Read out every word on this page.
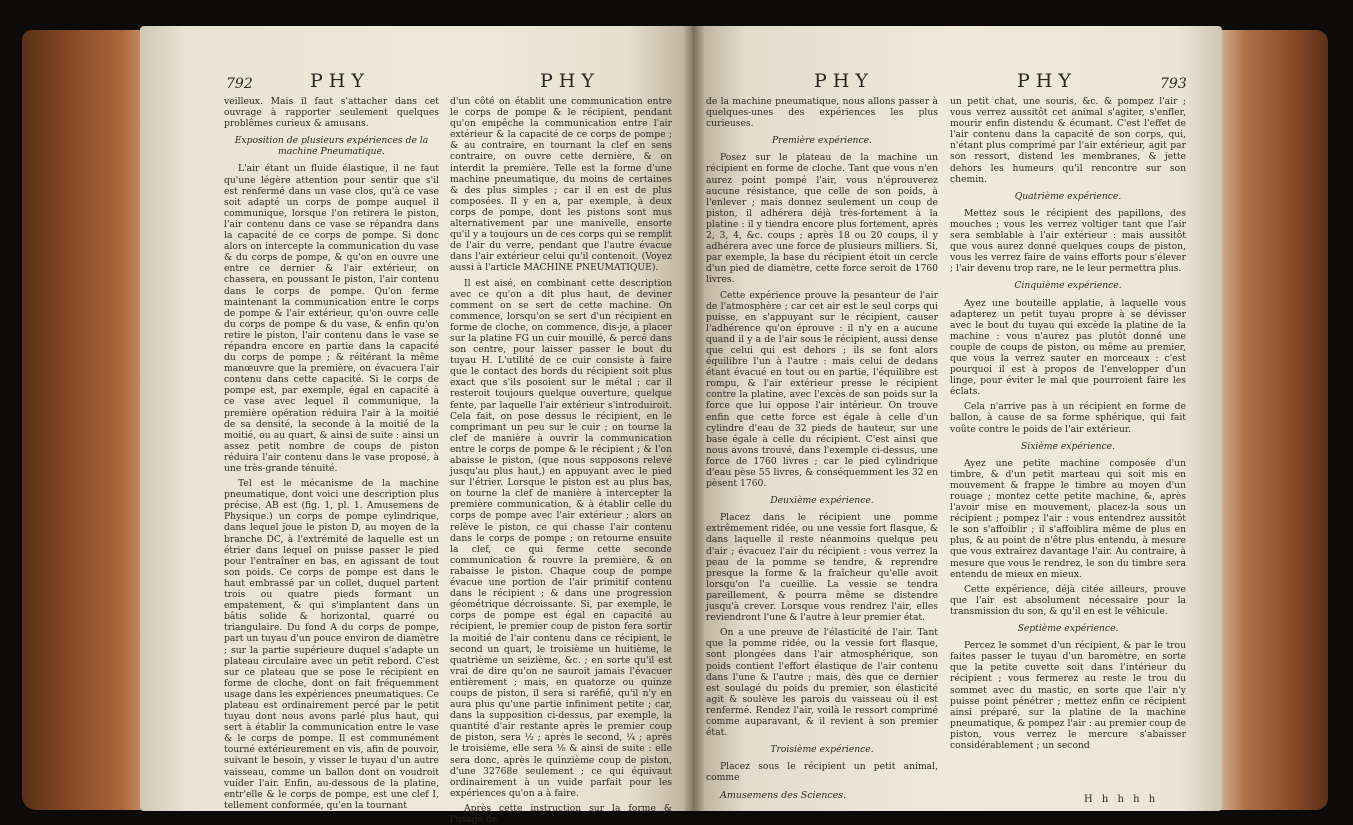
792	PHY	PHY

veilleux. Mais il faut s'attacher dans cet ouvrage à rapporter seulement quelques problêmes curieux & amusans.

Exposition de plusieurs expériences de la machine Pneumatique.

L'air étant un fluide élastique, il ne faut qu'une légère attention pour sentir que s'il est renfermé dans un vase clos, qu'à ce vase soit adapté un corps de pompe auquel il communique, lorsque l'on retirera le piston, l'air contenu dans ce vase se répandra dans la capacité de ce corps de pompe. Si donc alors on intercepte la communication du vase & du corps de pompe, & qu'on en ouvre une entre ce dernier & l'air extérieur, on chassera, en poussant le piston, l'air contenu dans le corps de pompe. Qu'on ferme maintenant la communication entre le corps de pompe & l'air extérieur, qu'on ouvre celle du corps de pompe & du vase, & enfin qu'on retire le piston, l'air contenu dans le vase se répandra encore en partie dans la capacité du corps de pompe ; & réitérant la même manœuvre que la première, on évacuera l'air contenu dans cette capacité. Si le corps de pompe est, par exemple, égal en capacité à ce vase avec lequel il communique, la première opération réduira l'air à la moitié de sa densité, la seconde à la moitié de la moitié, ou au quart, & ainsi de suite : ainsi un assez petit nombre de coups de piston réduira l'air contenu dans le vase proposé, à une très-grande ténuité.

Tel est le mécanisme de la machine pneumatique, dont voici une description plus précise. AB est (fig. 1, pl. 1. Amusemens de Physique.) un corps de pompe cylindrique, dans lequel joue le piston D, au moyen de la branche DC, à l'extrémité de laquelle est un étrier dans lequel on puisse passer le pied pour l'entraîner en bas, en agissant de tout son poids. Ce corps de pompe est dans le haut embrassé par un collet, duquel partent trois ou quatre pieds formant un empatement, & qui s'implantent dans un bâtis solide & horizontal, quarré ou triangulaire. Du fond A du corps de pompe, part un tuyau d'un pouce environ de diamètre ; sur la partie supérieure duquel s'adapte un plateau circulaire avec un petit rebord. C'est sur ce plateau que se pose le récipient en forme de cloche, dont on fait fréquemment usage dans les expériences pneumatiques. Ce plateau est ordinairement percé par le petit tuyau dont nous avons parlé plus haut, qui sert à établir la communication entre le vase & le corps de pompe. Il est communément tourné extérieurement en vis, afin de pouvoir, suivant le besoin, y visser le tuyau d'un autre vaisseau, comme un ballon dont on voudroit vuider l'air. Enfin, au-dessous de la platine, entr'elle & le corps de pompe, est une clef I, tellement conformée, qu'en la tournant

d'un côté on établit une communication entre le corps de pompe & le récipient, pendant qu'on empêche la communication entre l'air extérieur & la capacité de ce corps de pompe ; & au contraire, en tournant la clef en sens contraire, on ouvre cette dernière, & on interdit la première. Telle est la forme d'une machine pneumatique, du moins de certaines & des plus simples ; car il en est de plus composées. Il y en a, par exemple, à deux corps de pompe, dont les pistons sont mus alternativement par une manivelle, ensorte qu'il y a toujours un de ces corps qui se remplit de l'air du verre, pendant que l'autre évacue dans l'air extérieur celui qu'il contenoit. (Voyez aussi à l'article MACHINE PNEUMATIQUE).

Il est aisé, en combinant cette description avec ce qu'on a dit plus haut, de deviner comment on se sert de cette machine. On commence, lorsqu'on se sert d'un récipient en forme de cloche, on commence, dis-je, à placer sur la platine FG un cuir mouillé, & percé dans son centre, pour laisser passer le bout du tuyau H. L'utilité de ce cuir consiste à faire que le contact des bords du récipient soit plus exact que s'ils posoient sur le métal ; car il resteroit toujours quelque ouverture, quelque fente, par laquelle l'air extérieur s'introduiroit. Cela fait, on pose dessus le récipient, en le comprimant un peu sur le cuir ; on tourne la clef de manière à ouvrir la communication entre le corps de pompe & le récipient ; & l'on abaisse le piston, (que nous supposons relevé jusqu'au plus haut,) en appuyant avec le pied sur l'étrier. Lorsque le piston est au plus bas, on tourne la clef de manière à intercepter la première communication, & à établir celle du corps de pompe avec l'air extérieur ; alors on relève le piston, ce qui chasse l'air contenu dans le corps de pompe ; on retourne ensuite la clef, ce qui ferme cette seconde communication & rouvre la première, & on rabaisse le piston. Chaque coup de pompe évacue une portion de l'air primitif contenu dans le récipient ; & dans une progression géométrique décroissante. Si, par exemple, le corps de pompe est égal en capacité au récipient, le premier coup de piston fera sortir la moitié de l'air contenu dans ce récipient, le second un quart, le troisième un huitième, le quatrième un seizième, &c. ; en sorte qu'il est vrai de dire qu'on ne sauroit jamais l'évacuer entièrement ; mais, en quatorze ou quinze coups de piston, il sera si raréfié, qu'il n'y en aura plus qu'une partie infiniment petite ; car, dans la supposition ci-dessus, par exemple, la quantité d'air restante après le premier coup de piston, sera ½ ; après le second, ¼ ; après le troisième, elle sera ⅛ & ainsi de suite : elle sera donc, après le quinzième coup de piston, d'une 32768e seulement ; ce qui équivaut ordinairement à un vuide parfait pour les expériences qu'on a à faire.

Après cette instruction sur la forme & l'usage de

PHY	PHY	793

de la machine pneumatique, nous allons passer à quelques-unes des expériences les plus curieuses.

Première expérience.

Posez sur le plateau de la machine un récipient en forme de cloche. Tant que vous n'en aurez point pompé l'air, vous n'éprouverez aucune résistance, que celle de son poids, à l'enlever ; mais donnez seulement un coup de piston, il adhérera déjà très-fortement à la platine : il y tiendra encore plus fortement, après 2, 3, 4, &c. coups ; après 18 ou 20 coups, il y adhérera avec une force de plusieurs milliers. Si, par exemple, la base du récipient étoit un cercle d'un pied de diamètre, cette force seroit de 1760 livres.

Cette expérience prouve la pesanteur de l'air de l'atmosphère ; car cet air est le seul corps qui puisse, en s'appuyant sur le récipient, causer l'adhérence qu'on éprouve : il n'y en a aucune quand il y a de l'air sous le récipient, aussi dense que celui qui est dehors ; ils se font alors équilibre l'un à l'autre : mais celui de dedans étant évacué en tout ou en partie, l'équilibre est rompu, & l'air extérieur presse le récipient contre la platine, avec l'excès de son poids sur la force que lui oppose l'air intérieur. On trouve enfin que cette force est égale à celle d'un cylindre d'eau de 32 pieds de hauteur, sur une base égale à celle du récipient. C'est ainsi que nous avons trouvé, dans l'exemple ci-dessus, une force de 1760 livres ; car le pied cylindrique d'eau pèse 55 livres, & conséquemment les 32 en pèsent 1760.

Deuxième expérience.

Placez dans le récipient une pomme extrêmement ridée, ou une vessie fort flasque, & dans laquelle il reste néanmoins quelque peu d'air ; évacuez l'air du récipient : vous verrez la peau de la pomme se tendre, & reprendre presque la forme & la fraîcheur qu'elle avoit lorsqu'on l'a cueillie. La vessie se tendra pareillement, & pourra même se distendre jusqu'à crever. Lorsque vous rendrez l'air, elles reviendront l'une & l'autre à leur premier état.

On a une preuve de l'élasticité de l'air. Tant que la pomme ridée, ou la vessie fort flasque, sont plongées dans l'air atmosphérique, son poids contient l'effort élastique de l'air contenu dans l'une & l'autre ; mais, dès que ce dernier est soulagé du poids du premier, son élasticité agit & soulève les parois du vaisseau où il est renfermé. Rendez l'air, voilà le ressort comprimé comme auparavant, & il revient à son premier état.

Troisième expérience.

Placez sous le récipient un petit animal, comme

Amusemens des Sciences.

un petit chat, une souris, &c. & pompez l'air ; vous verrez aussitôt cet animal s'agiter, s'enfler, mourir enfin distendu & écumant. C'est l'effet de l'air contenu dans la capacité de son corps, qui, n'étant plus comprimé par l'air extérieur, agit par son ressort, distend les membranes, & jette dehors les humeurs qu'il rencontre sur son chemin.

Quatrième expérience.

Mettez sous le récipient des papillons, des mouches ; vous les verrez voltiger tant que l'air sera semblable à l'air extérieur : mais aussitôt que vous aurez donné quelques coups de piston, vous les verrez faire de vains efforts pour s'élever ; l'air devenu trop rare, ne le leur permettra plus.

Cinquième expérience.

Ayez une bouteille applatie, à laquelle vous adapterez un petit tuyau propre à se dévisser avec le bout du tuyau qui excède la platine de la machine : vous n'aurez pas plutôt donné une couple de coups de piston, ou même au premier, que vous la verrez sauter en morceaux : c'est pourquoi il est à propos de l'envelopper d'un linge, pour éviter le mal que pourroient faire les éclats.

Cela n'arrive pas à un récipient en forme de ballon, à cause de sa forme sphérique, qui fait voûte contre le poids de l'air extérieur.

Sixième expérience.

Ayez une petite machine composée d'un timbre, & d'un petit marteau qui soit mis en mouvement & frappe le timbre au moyen d'un rouage ; montez cette petite machine, &, après l'avoir mise en mouvement, placez-la sous un récipient ; pompez l'air : vous entendrez aussitôt le son s'affoiblir ; il s'affoiblira même de plus en plus, & au point de n'être plus entendu, à mesure que vous extrairez davantage l'air. Au contraire, à mesure que vous le rendrez, le son du timbre sera entendu de mieux en mieux.

Cette expérience, déjà citée ailleurs, prouve que l'air est absolument nécessaire pour la transmission du son, & qu'il en est le véhicule.

Septième expérience.

Percez le sommet d'un récipient, & par le trou faites passer le tuyau d'un baromètre, en sorte que la petite cuvette soit dans l'intérieur du récipient ; vous fermerez au reste le trou du sommet avec du mastic, en sorte que l'air n'y puisse point pénétrer ; mettez enfin ce récipient ainsi préparé, sur la platine de la machine pneumatique, & pompez l'air : au premier coup de piston, vous verrez le mercure s'abaisser considérablement ; un second

H h h h h
